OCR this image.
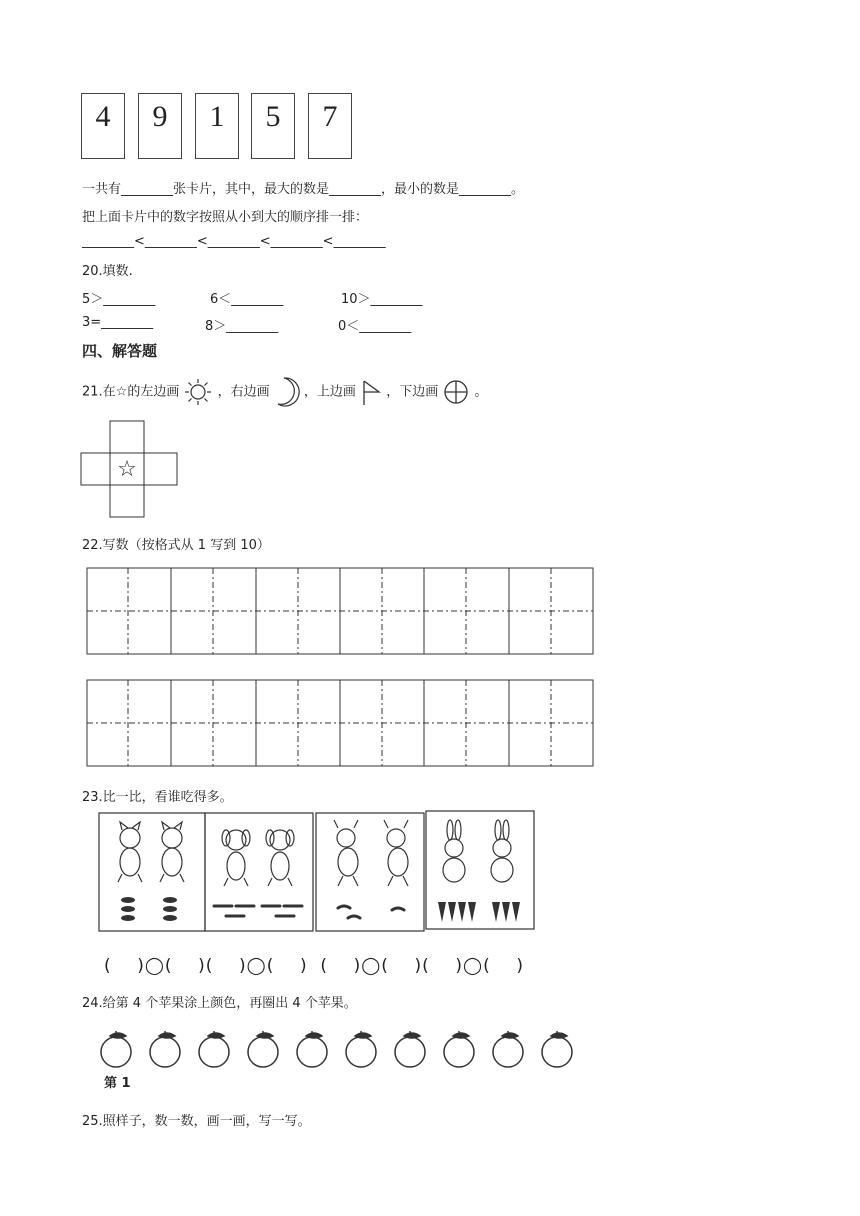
4	9	1	5	7
一共有________张卡片，其中，最大的数是________，最小的数是________。
把上面卡片中的数字按照从小到大的顺序排一排：
________<________<________<________<________
20.填数.
5＞________	6＜________	10＞________
3=________	8＞________	0＜________
四、解答题
21.在☆的左边画	，右边画	，上边画 ，下边画	。
☆
22.写数（按格式从 1 写到 10）
23.比一比，看谁吃得多。
(    )◯(    )(    )◯(    )  (    )◯(    )(    )◯(    )
24.给第 4 个苹果涂上颜色，再圈出 4 个苹果。
第 1
25.照样子，数一数，画一画，写一写。
